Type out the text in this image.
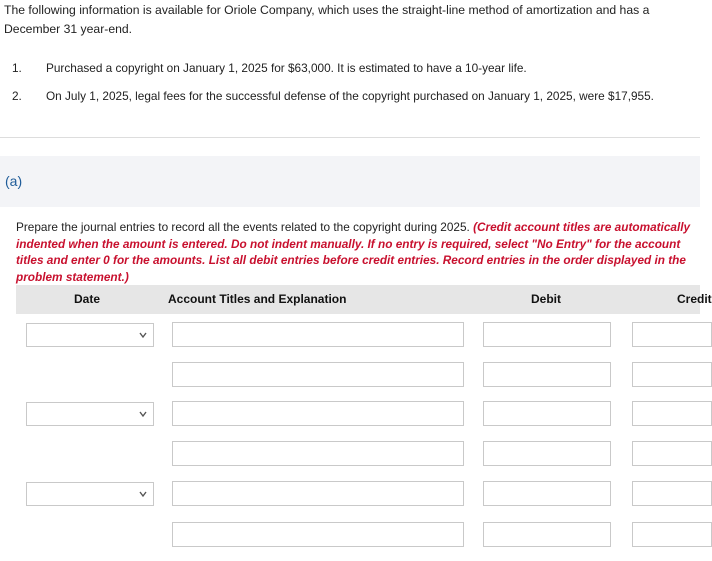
The following information is available for Oriole Company, which uses the straight-line method of amortization and has a December 31 year-end.
1. Purchased a copyright on January 1, 2025 for $63,000. It is estimated to have a 10-year life.
2. On July 1, 2025, legal fees for the successful defense of the copyright purchased on January 1, 2025, were $17,955.
(a)
Prepare the journal entries to record all the events related to the copyright during 2025. (Credit account titles are automatically indented when the amount is entered. Do not indent manually. If no entry is required, select "No Entry" for the account titles and enter 0 for the amounts. List all debit entries before credit entries. Record entries in the order displayed in the problem statement.)
Date	Account Titles and Explanation	Debit	Credit
